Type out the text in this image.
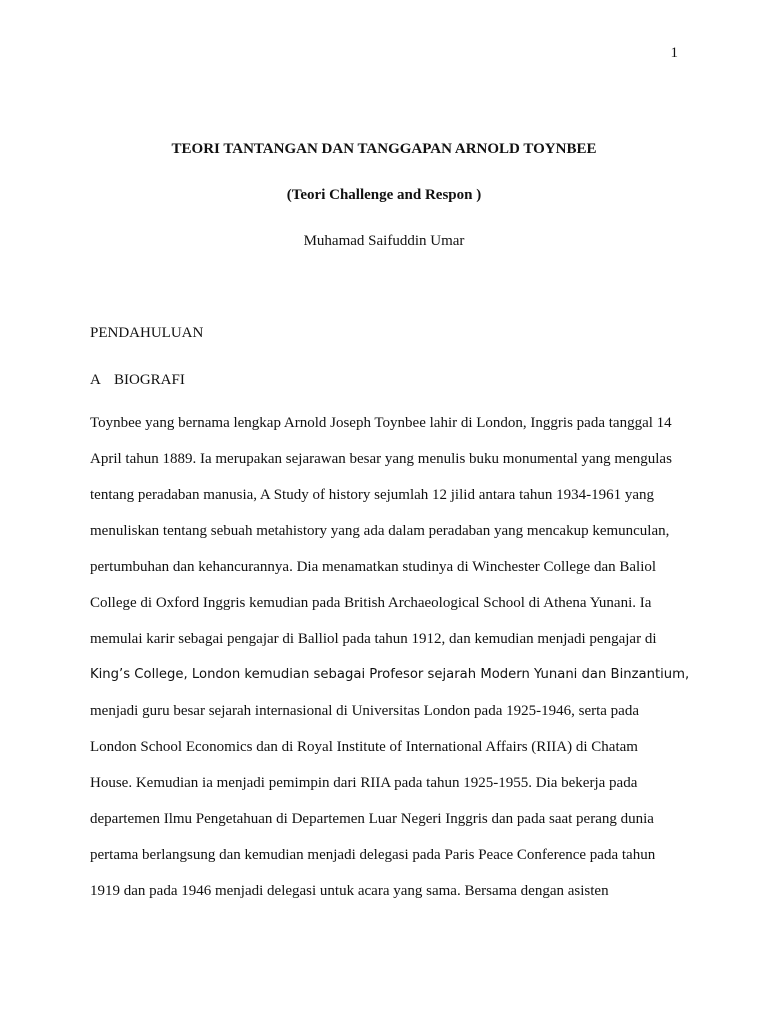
1
TEORI TANTANGAN DAN TANGGAPAN ARNOLD TOYNBEE
(Teori Challenge and Respon )
Muhamad Saifuddin Umar
PENDAHULUAN
A BIOGRAFI
Toynbee yang bernama lengkap Arnold Joseph Toynbee lahir di London, Inggris pada tanggal 14
April tahun 1889. Ia merupakan sejarawan besar yang menulis buku monumental yang mengulas
tentang peradaban manusia, A Study of history sejumlah 12 jilid antara tahun 1934-1961 yang
menuliskan tentang sebuah metahistory yang ada dalam peradaban yang mencakup kemunculan,
pertumbuhan dan kehancurannya. Dia menamatkan studinya di Winchester College dan Baliol
College di Oxford Inggris kemudian pada British Archaeological School di Athena Yunani. Ia
memulai karir sebagai pengajar di Balliol pada tahun 1912, dan kemudian menjadi pengajar di
King’s College, London kemudian sebagai Profesor sejarah Modern Yunani dan Binzantium,
menjadi guru besar sejarah internasional di Universitas London pada 1925-1946, serta pada
London School Economics dan di Royal Institute of International Affairs (RIIA) di Chatam
House. Kemudian ia menjadi pemimpin dari RIIA pada tahun 1925-1955. Dia bekerja pada
departemen Ilmu Pengetahuan di Departemen Luar Negeri Inggris dan pada saat perang dunia
pertama berlangsung dan kemudian menjadi delegasi pada Paris Peace Conference pada tahun
1919 dan pada 1946 menjadi delegasi untuk acara yang sama. Bersama dengan asisten
